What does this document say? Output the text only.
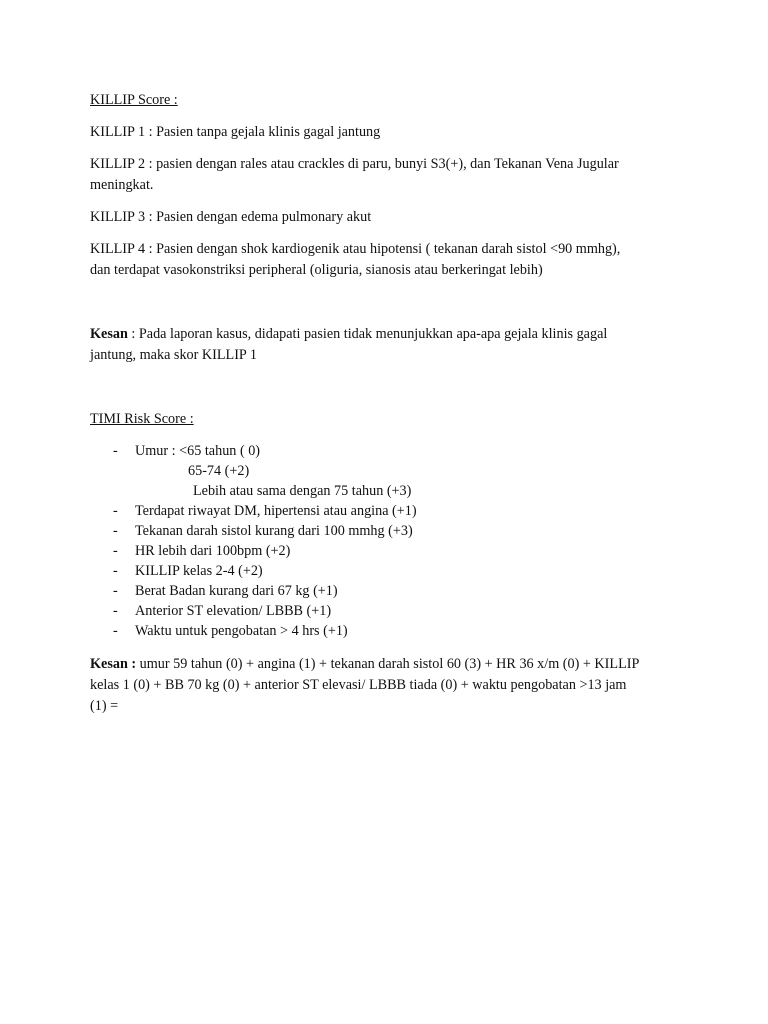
KILLIP Score :
KILLIP 1 : Pasien tanpa gejala klinis gagal jantung
KILLIP 2 : pasien dengan rales atau crackles di paru, bunyi S3(+), dan Tekanan Vena Jugular
meningkat.
KILLIP 3 : Pasien dengan edema pulmonary akut
KILLIP 4 : Pasien dengan shok kardiogenik atau hipotensi ( tekanan darah sistol <90 mmhg),
dan terdapat vasokonstriksi peripheral (oliguria, sianosis atau berkeringat lebih)
Kesan : Pada laporan kasus, didapati pasien tidak menunjukkan apa-apa gejala klinis gagal
jantung, maka skor KILLIP 1
TIMI Risk Score :
- Umur : <65 tahun ( 0)
65-74 (+2)
Lebih atau sama dengan 75 tahun (+3)
- Terdapat riwayat DM, hipertensi atau angina (+1)
- Tekanan darah sistol kurang dari 100 mmhg (+3)
- HR lebih dari 100bpm (+2)
- KILLIP kelas 2-4 (+2)
- Berat Badan kurang dari 67 kg (+1)
- Anterior ST elevation/ LBBB (+1)
- Waktu untuk pengobatan > 4 hrs (+1)
Kesan : umur 59 tahun (0) + angina (1) + tekanan darah sistol 60 (3) + HR 36 x/m (0) + KILLIP
kelas 1 (0) + BB 70 kg (0) + anterior ST elevasi/ LBBB tiada (0) + waktu pengobatan >13 jam
(1) =
